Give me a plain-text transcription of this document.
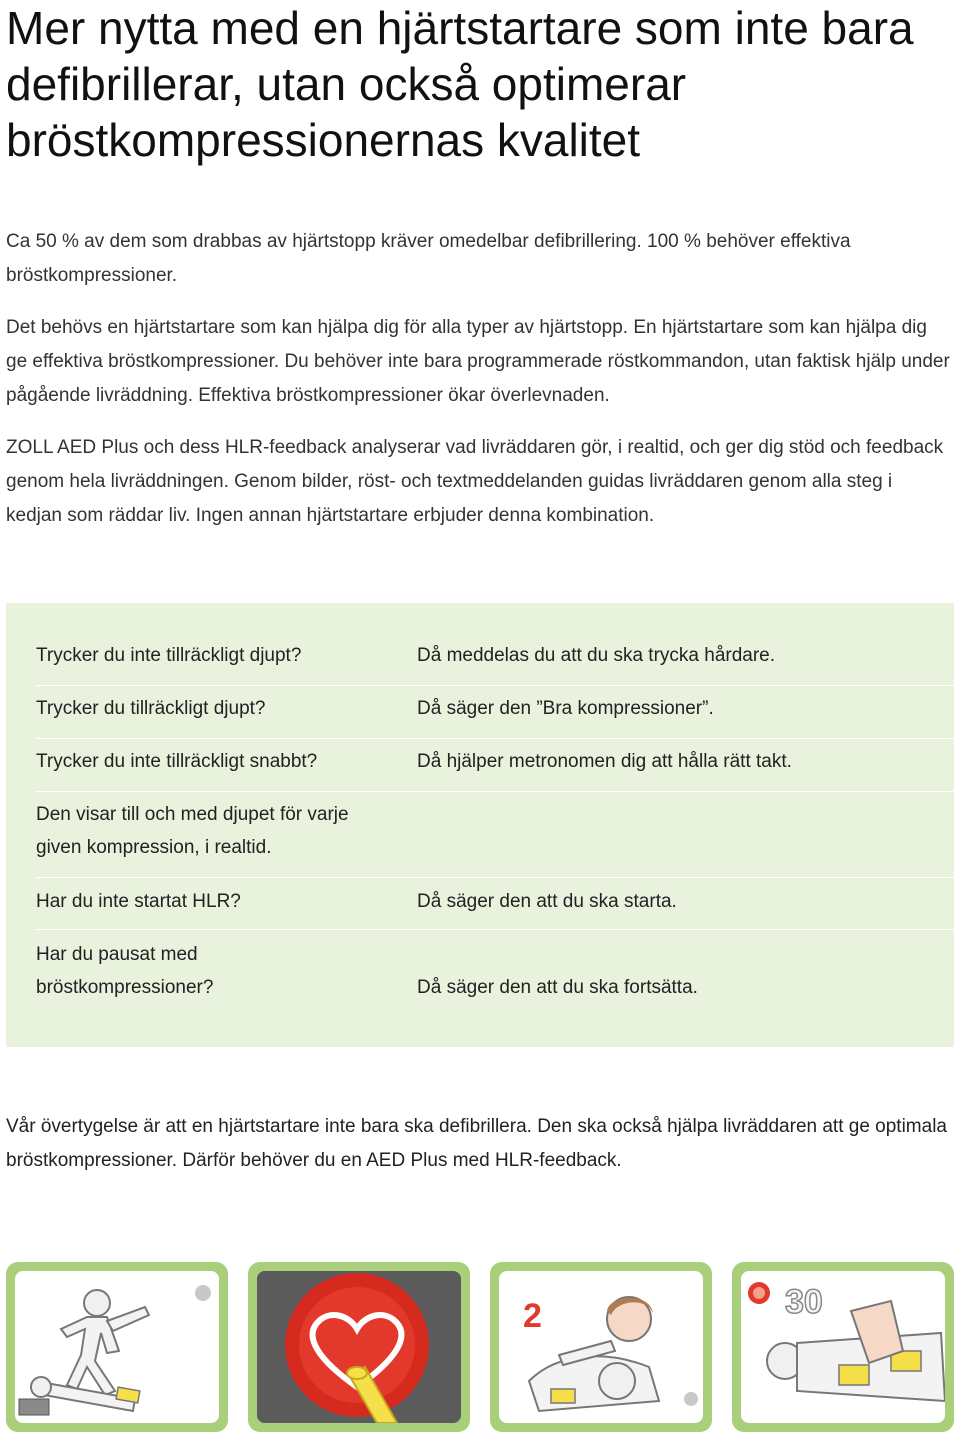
Mer nytta med en hjärtstartare som inte bara defibrillerar, utan också optimerar bröstkompressionernas kvalitet

Ca 50 % av dem som drabbas av hjärtstopp kräver omedelbar defibrillering. 100 % behöver effektiva bröstkompressioner.

Det behövs en hjärtstartare som kan hjälpa dig för alla typer av hjärtstopp. En hjärtstartare som kan hjälpa dig ge effektiva bröstkompressioner. Du behöver inte bara programmerade röstkommandon, utan faktisk hjälp under pågående livräddning. Effektiva bröstkompressioner ökar överlevnaden.

ZOLL AED Plus och dess HLR-feedback analyserar vad livräddaren gör, i realtid, och ger dig stöd och feedback genom hela livräddningen. Genom bilder, röst- och textmeddelanden guidas livräddaren genom alla steg i kedjan som räddar liv. Ingen annan hjärtstartare erbjuder denna kombination.

Trycker du inte tillräckligt djupt?	Då meddelas du att du ska trycka hårdare.
Trycker du tillräckligt djupt?	Då säger den ”Bra kompressioner”.
Trycker du inte tillräckligt snabbt?	Då hjälper metronomen dig att hålla rätt takt.
Den visar till och med djupet för varje given kompression, i realtid.
Har du inte startat HLR?	Då säger den att du ska starta.
Har du pausat med bröstkompressioner?	Då säger den att du ska fortsätta.

Vår övertygelse är att en hjärtstartare inte bara ska defibrillera. Den ska också hjälpa livräddaren att ge optimala bröstkompressioner. Därför behöver du en AED Plus med HLR-feedback.

2	30
